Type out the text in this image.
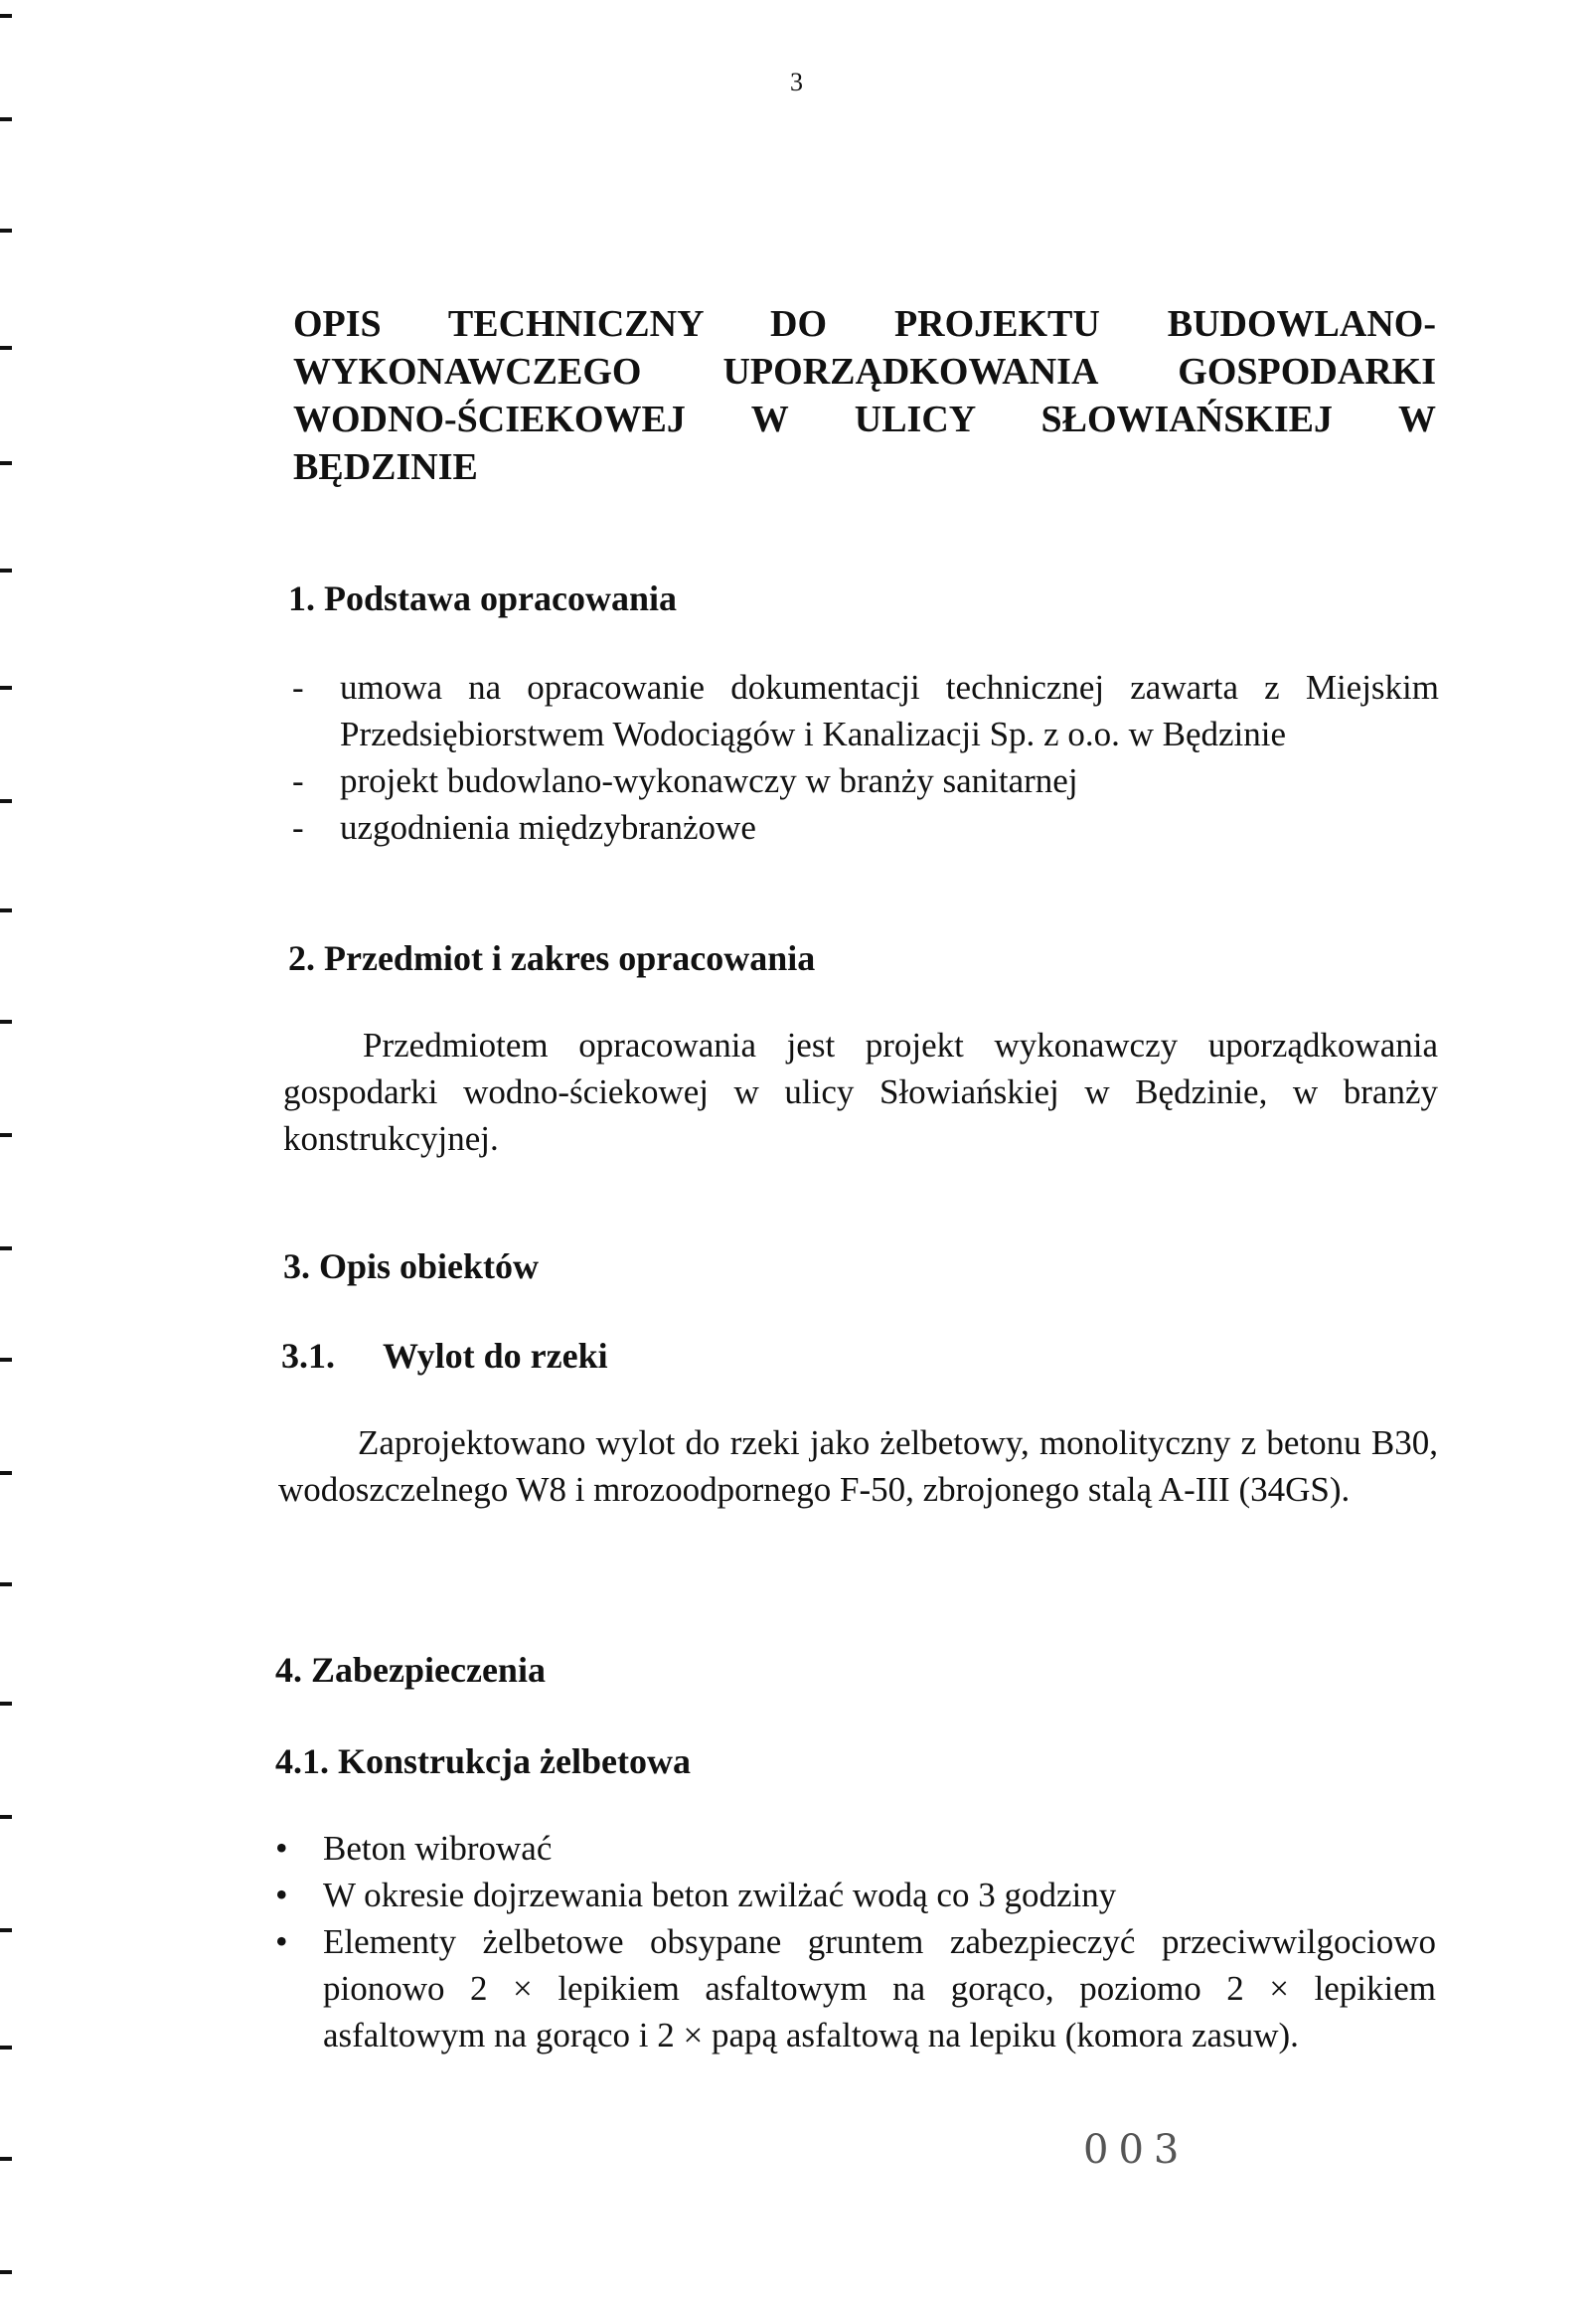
3
OPIS TECHNICZNY DO PROJEKTU BUDOWLANO-
WYKONAWCZEGO UPORZĄDKOWANIA GOSPODARKI
WODNO-ŚCIEKOWEJ W ULICY SŁOWIAŃSKIEJ W
BĘDZINIE
1. Podstawa opracowania
- umowa na opracowanie dokumentacji technicznej zawarta z Miejskim Przedsiębiorstwem Wodociągów i Kanalizacji Sp. z o.o. w Będzinie
- projekt budowlano-wykonawczy w branży sanitarnej
- uzgodnienia międzybranżowe
2. Przedmiot i zakres opracowania

Przedmiotem opracowania jest projekt wykonawczy uporządkowania gospodarki wodno-ściekowej w ulicy Słowiańskiej w Będzinie, w branży konstrukcyjnej.

3. Opis obiektów
3.1. Wylot do rzeki

Zaprojektowano wylot do rzeki jako żelbetowy, monolityczny z betonu B30, wodoszczelnego W8 i mrozoodpornego F-50, zbrojonego stalą A-III (34GS).

4. Zabezpieczenia
4.1. Konstrukcja żelbetowa
• Beton wibrować
• W okresie dojrzewania beton zwilżać wodą co 3 godziny
• Elementy żelbetowe obsypane gruntem zabezpieczyć przeciwwilgociowo pionowo 2 × lepikiem asfaltowym na gorąco, poziomo 2 × lepikiem asfaltowym na gorąco i 2 × papą asfaltową na lepiku (komora zasuw).
003
